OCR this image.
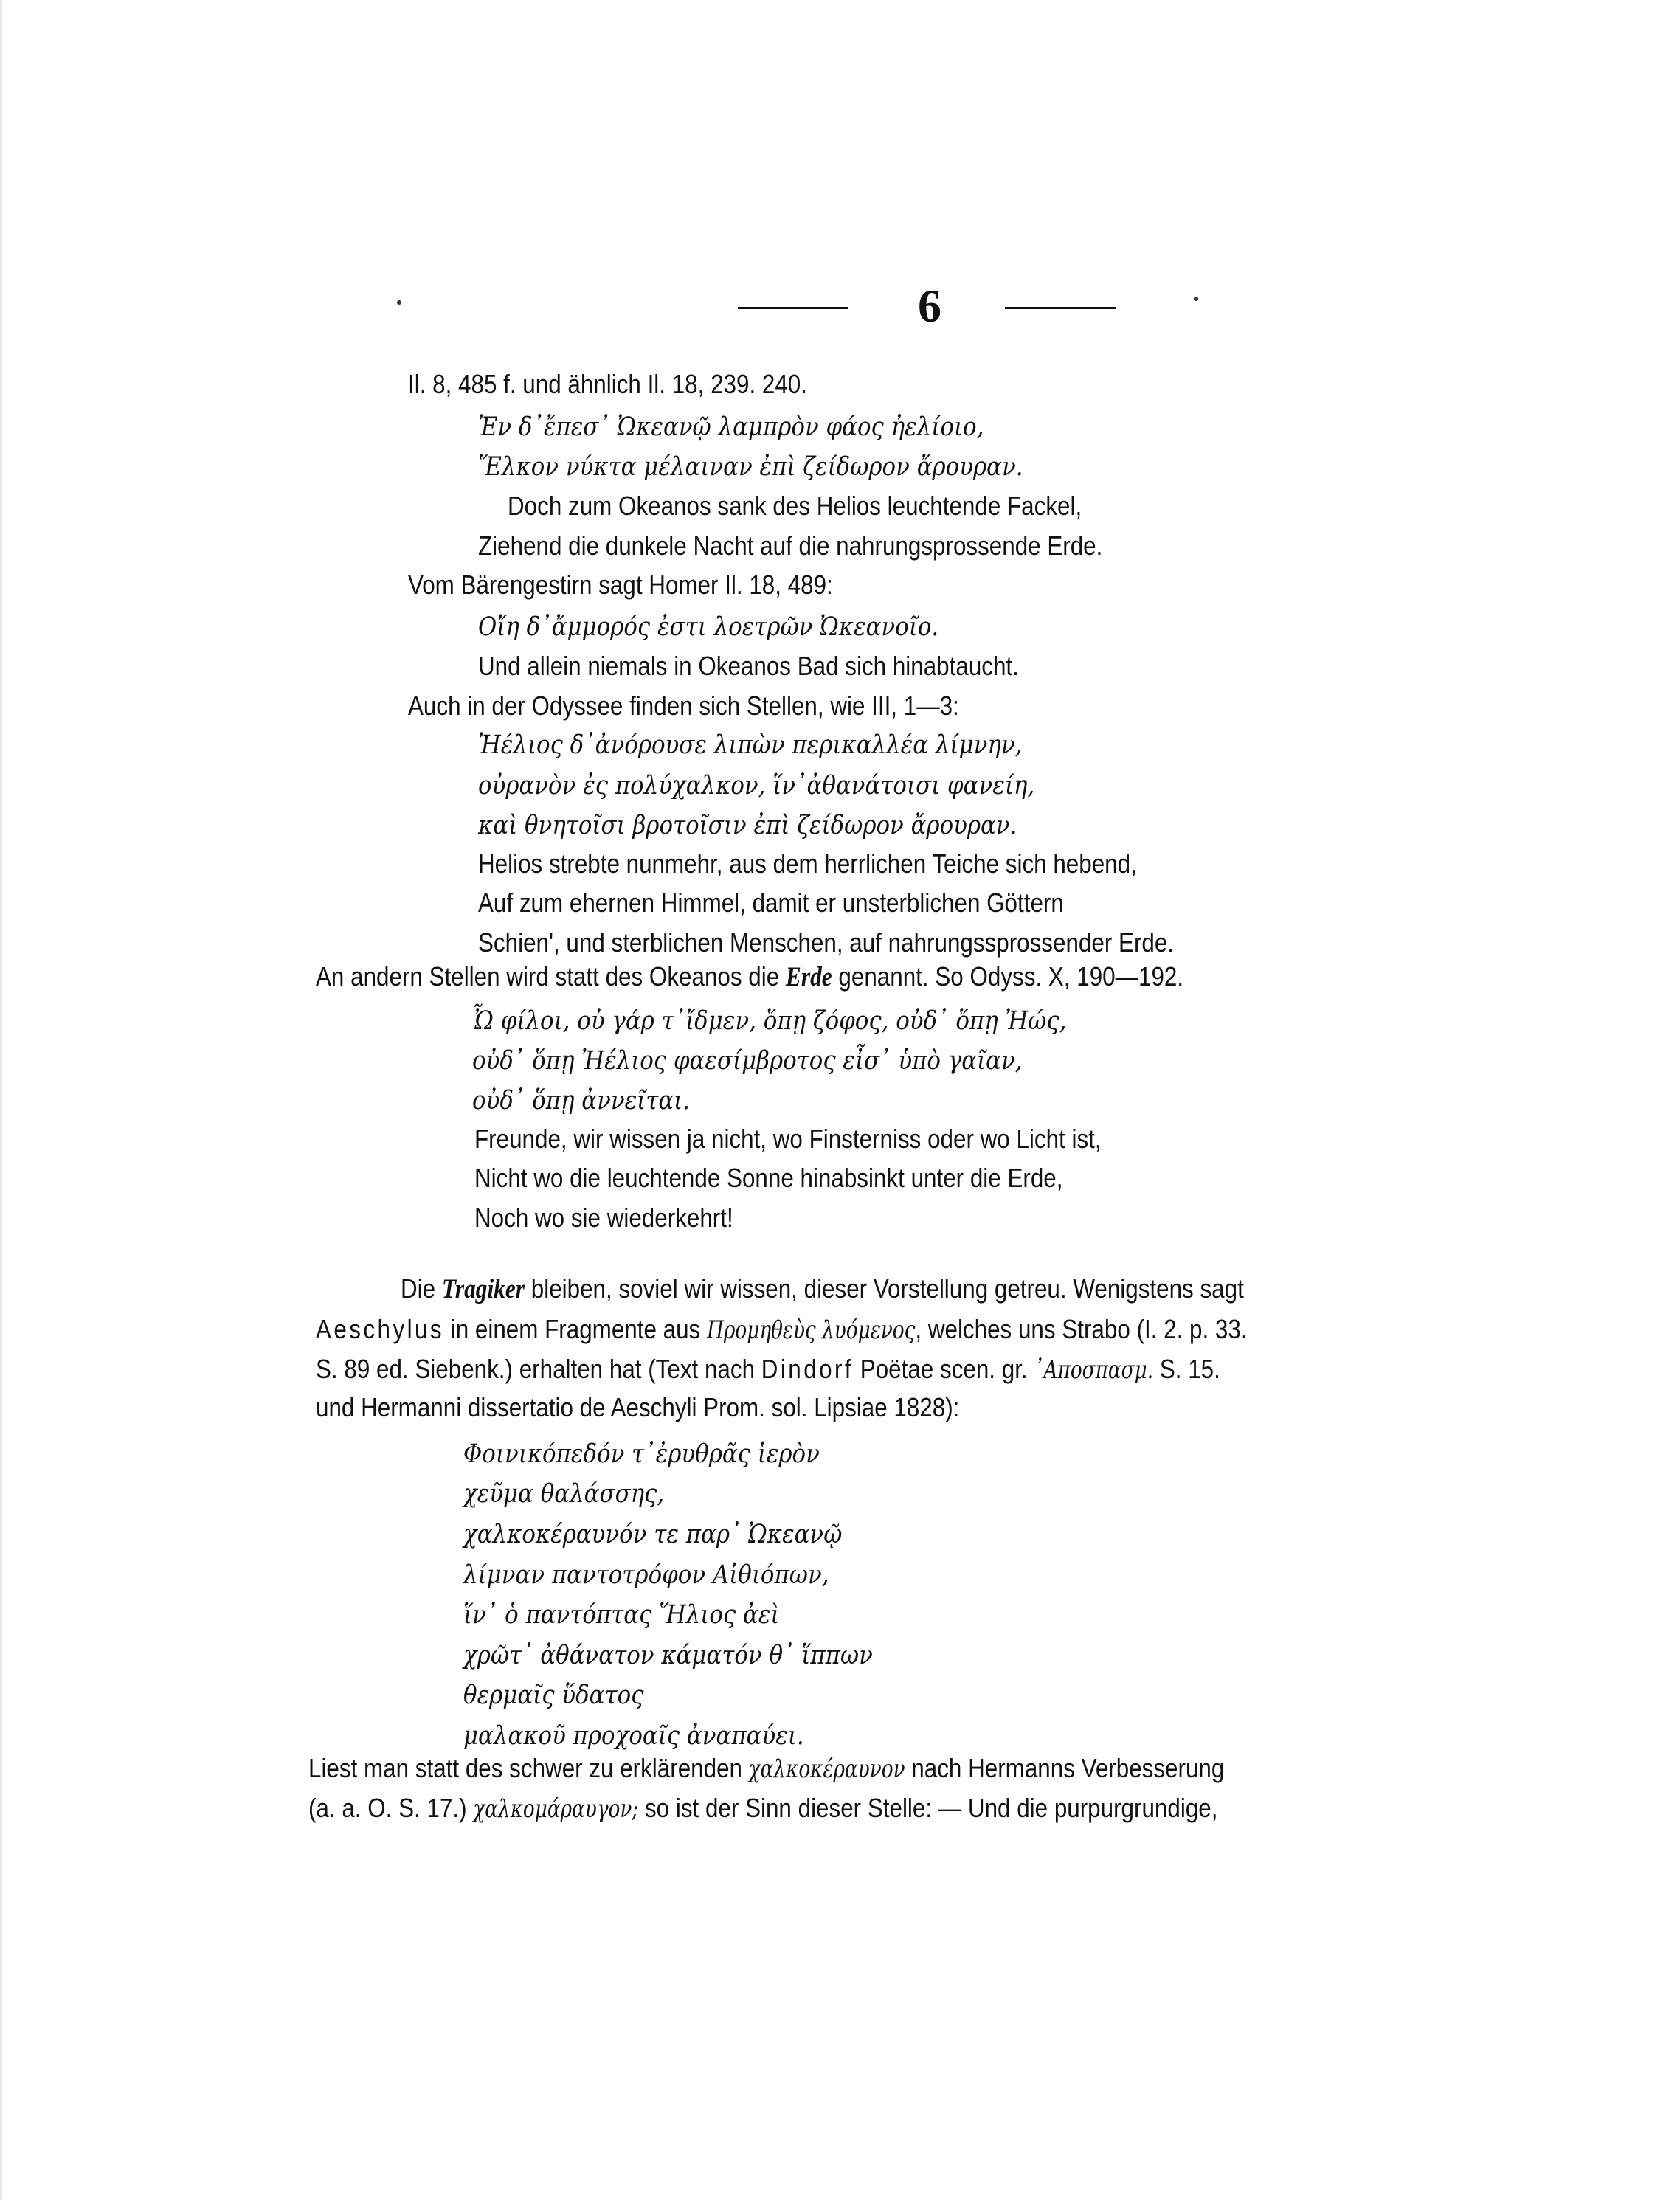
6
Il. 8, 485 f. und ähnlich Il. 18, 239. 240.
Ἐν δ᾽ἔπεσ᾽ Ὠκεανῷ λαμπρὸν φάος ἠελίοιο,
Ἕλκον νύκτα μέλαιναν ἐπὶ ζείδωρον ἄρουραν.
Doch zum Okeanos sank des Helios leuchtende Fackel,
Ziehend die dunkele Nacht auf die nahrungsprossende Erde.
Vom Bärengestirn sagt Homer Il. 18, 489:
Οἴη δ᾽ἄμμορός ἐστι λοετρῶν Ὠκεανοῖο.
Und allein niemals in Okeanos Bad sich hinabtaucht.
Auch in der Odyssee finden sich Stellen, wie III, 1—3:
Ἠέλιος δ᾽ἀνόρουσε λιπὼν περικαλλέα λίμνην,
οὐρανὸν ἐς πολύχαλκον, ἵν᾽ἀθανάτοισι φανείη,
καὶ θνητοῖσι βροτοῖσιν ἐπὶ ζείδωρον ἄρουραν.
Helios strebte nunmehr, aus dem herrlichen Teiche sich hebend,
Auf zum ehernen Himmel, damit er unsterblichen Göttern
Schien', und sterblichen Menschen, auf nahrungssprossender Erde.
An andern Stellen wird statt des Okeanos die Erde genannt. So Odyss. X, 190—192.
Ὦ φίλοι, οὐ γάρ τ᾽ἴδμεν, ὅπῃ ζόφος, οὐδ᾽ ὅπῃ Ἠώς,
οὐδ᾽ ὅπῃ Ἠέλιος φαεσίμβροτος εἶσ᾽ ὑπὸ γαῖαν,
οὐδ᾽ ὅπῃ ἀννεῖται.
Freunde, wir wissen ja nicht, wo Finsterniss oder wo Licht ist,
Nicht wo die leuchtende Sonne hinabsinkt unter die Erde,
Noch wo sie wiederkehrt!
Die Tragiker bleiben, soviel wir wissen, dieser Vorstellung getreu. Wenigstens sagt
Aeschylus in einem Fragmente aus Προμηθεὺς λυόμενος, welches uns Strabo (I. 2. p. 33.
S. 89 ed. Siebenk.) erhalten hat (Text nach Dindorf Poëtae scen. gr. ᾽Αποσπασμ. S. 15.
und Hermanni dissertatio de Aeschyli Prom. sol. Lipsiae 1828):
Φοινικόπεδόν τ᾽ἐρυθρᾶς ἱερὸν
χεῦμα θαλάσσης,
χαλκοκέραυνόν τε παρ᾽ Ὠκεανῷ
λίμναν παντοτρόφον Αἰθιόπων,
ἵν᾽ ὁ παντόπτας Ἥλιος ἀεὶ
χρῶτ᾽ ἀθάνατον κάματόν θ᾽ ἵππων
θερμαῖς ὕδατος
μαλακοῦ προχοαῖς ἀναπαύει.
Liest man statt des schwer zu erklärenden χαλκοκέραυνον nach Hermanns Verbesserung
(a. a. O. S. 17.) χαλκομάραυγον; so ist der Sinn dieser Stelle: — Und die purpurgrundige,
